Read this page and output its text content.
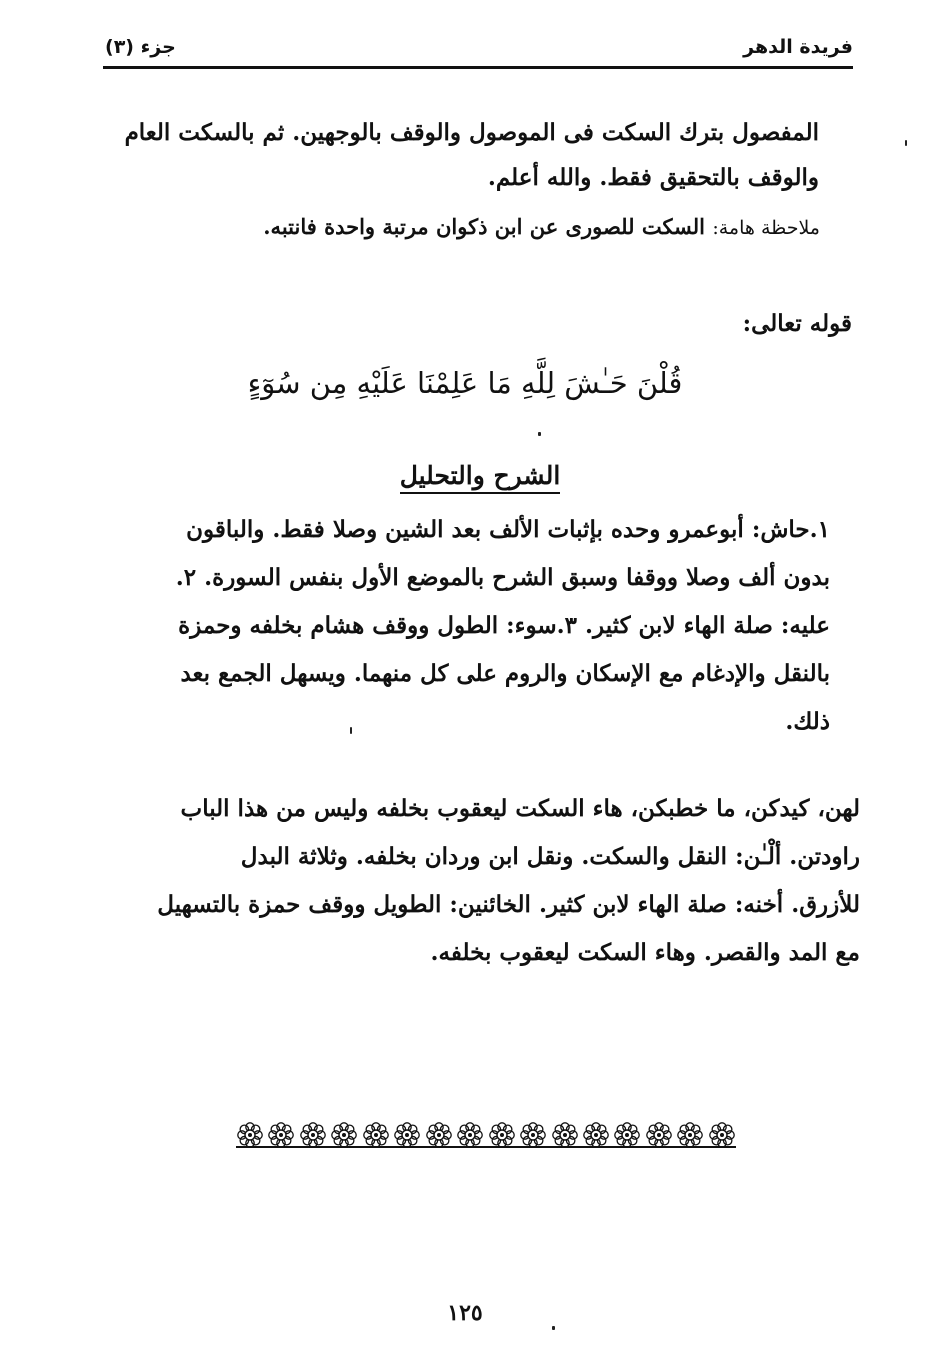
جزء (٣)	فريدة الدهر
المفصول بترك السكت فى الموصول والوقف بالوجهين. ثم بالسكت العام
والوقف بالتحقيق فقط. والله أعلم.
ملاحظة هامة: السكت للصورى عن ابن ذكوان مرتبة واحدة فانتبه.
قوله تعالى:
قُلْنَ حَـٰشَ لِلَّهِ مَا عَلِمْنَا عَلَيْهِ مِن سُوٓءٍ
الشرح والتحليل
١.حاش: أبوعمرو وحده بإثبات الألف بعد الشين وصلا فقط. والباقون
بدون ألف وصلا ووقفا وسبق الشرح بالموضع الأول بنفس السورة. ٢.
عليه: صلة الهاء لابن كثير. ٣.سوء: الطول ووقف هشام بخلفه وحمزة
بالنقل والإدغام مع الإسكان والروم على كل منهما. ويسهل الجمع بعد
ذلك.
لهن، كيدكن، ما خطبكن، هاء السكت ليعقوب بخلفه وليس من هذا الباب
راودتن. ألْـٰن: النقل والسكت. ونقل ابن وردان بخلفه. وثلاثة البدل
للأزرق. أخنه: صلة الهاء لابن كثير. الخائنين: الطويل ووقف حمزة بالتسهيل
مع المد والقصر. وهاء السكت ليعقوب بخلفه.
١٢٥
